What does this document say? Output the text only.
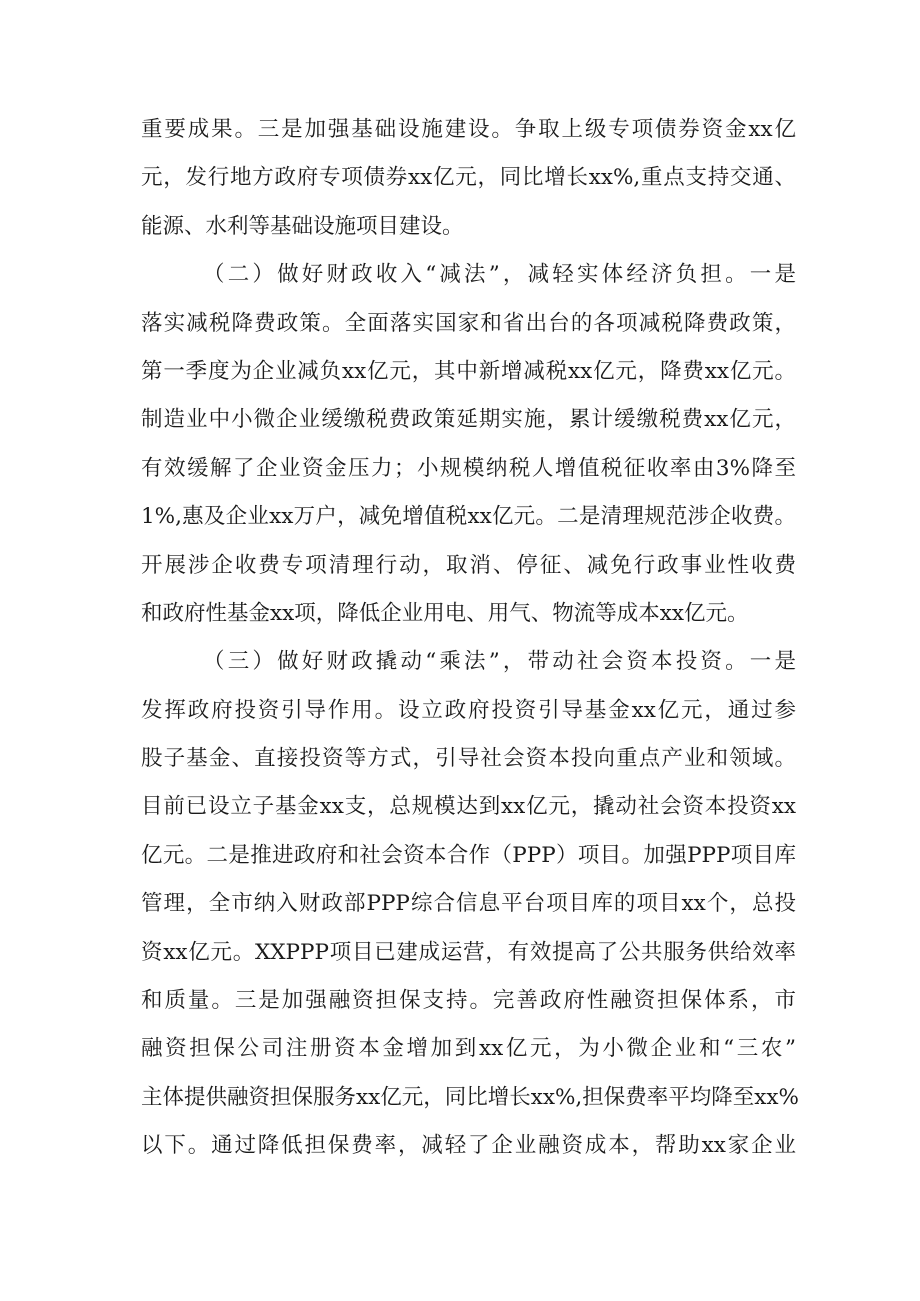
重要成果。三是加强基础设施建设。争取上级专项债券资金xx亿
元，发行地方政府专项债券xx亿元，同比增长xx%,重点支持交通、
能源、水利等基础设施项目建设。
（二）做好财政收入“减法”，减轻实体经济负担。一是
落实减税降费政策。全面落实国家和省出台的各项减税降费政策，
第一季度为企业减负xx亿元，其中新增减税xx亿元，降费xx亿元。
制造业中小微企业缓缴税费政策延期实施，累计缓缴税费xx亿元，
有效缓解了企业资金压力；小规模纳税人增值税征收率由3%降至
1%,惠及企业xx万户，减免增值税xx亿元。二是清理规范涉企收费。
开展涉企收费专项清理行动，取消、停征、减免行政事业性收费
和政府性基金xx项，降低企业用电、用气、物流等成本xx亿元。
（三）做好财政撬动“乘法”，带动社会资本投资。一是
发挥政府投资引导作用。设立政府投资引导基金xx亿元，通过参
股子基金、直接投资等方式，引导社会资本投向重点产业和领域。
目前已设立子基金xx支，总规模达到xx亿元，撬动社会资本投资xx
亿元。二是推进政府和社会资本合作（PPP）项目。加强PPP项目库
管理，全市纳入财政部PPP综合信息平台项目库的项目xx个，总投
资xx亿元。XXPPP项目已建成运营，有效提高了公共服务供给效率
和质量。三是加强融资担保支持。完善政府性融资担保体系，市
融资担保公司注册资本金增加到xx亿元，为小微企业和“三农”
主体提供融资担保服务xx亿元，同比增长xx%,担保费率平均降至xx%
以下。通过降低担保费率，减轻了企业融资成本，帮助xx家企业
